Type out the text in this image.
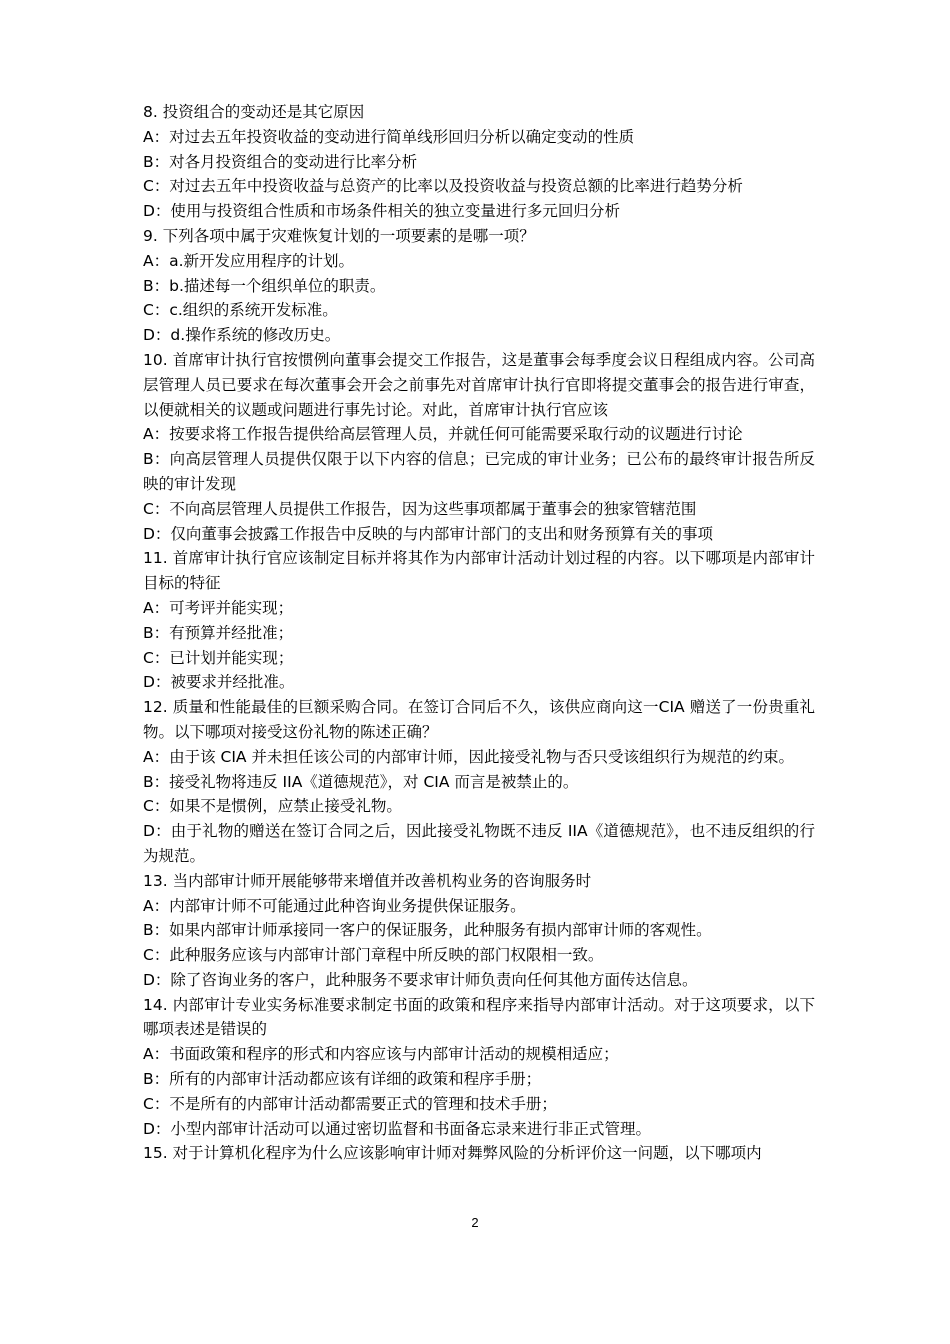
8. 投资组合的变动还是其它原因

A：对过去五年投资收益的变动进行简单线形回归分析以确定变动的性质

B：对各月投资组合的变动进行比率分析

C：对过去五年中投资收益与总资产的比率以及投资收益与投资总额的比率进行趋势分析

D：使用与投资组合性质和市场条件相关的独立变量进行多元回归分析

9. 下列各项中属于灾难恢复计划的一项要素的是哪一项？

A：a.新开发应用程序的计划。

B：b.描述每一个组织单位的职责。

C：c.组织的系统开发标准。

D：d.操作系统的修改历史。

10. 首席审计执行官按惯例向董事会提交工作报告，这是董事会每季度会议日程组成内容。公司高层管理人员已要求在每次董事会开会之前事先对首席审计执行官即将提交董事会的报告进行审查，以便就相关的议题或问题进行事先讨论。对此，首席审计执行官应该

A：按要求将工作报告提供给高层管理人员，并就任何可能需要采取行动的议题进行讨论

B：向高层管理人员提供仅限于以下内容的信息；已完成的审计业务；已公布的最终审计报告所反映的审计发现

C：不向高层管理人员提供工作报告，因为这些事项都属于董事会的独家管辖范围

D：仅向董事会披露工作报告中反映的与内部审计部门的支出和财务预算有关的事项

11. 首席审计执行官应该制定目标并将其作为内部审计活动计划过程的内容。以下哪项是内部审计目标的特征

A：可考评并能实现；

B：有预算并经批准；

C：已计划并能实现；

D：被要求并经批准。

12. 质量和性能最佳的巨额采购合同。在签订合同后不久，该供应商向这一CIA 赠送了一份贵重礼物。以下哪项对接受这份礼物的陈述正确？

A：由于该 CIA 并未担任该公司的内部审计师，因此接受礼物与否只受该组织行为规范的约束。

B：接受礼物将违反 IIA《道德规范》，对 CIA 而言是被禁止的。

C：如果不是惯例，应禁止接受礼物。

D：由于礼物的赠送在签订合同之后，因此接受礼物既不违反 IIA《道德规范》，也不违反组织的行为规范。

13. 当内部审计师开展能够带来增值并改善机构业务的咨询服务时

A：内部审计师不可能通过此种咨询业务提供保证服务。

B：如果内部审计师承接同一客户的保证服务，此种服务有损内部审计师的客观性。

C：此种服务应该与内部审计部门章程中所反映的部门权限相一致。

D：除了咨询业务的客户，此种服务不要求审计师负责向任何其他方面传达信息。

14. 内部审计专业实务标准要求制定书面的政策和程序来指导内部审计活动。对于这项要求，以下哪项表述是错误的

A：书面政策和程序的形式和内容应该与内部审计活动的规模相适应；

B：所有的内部审计活动都应该有详细的政策和程序手册；

C：不是所有的内部审计活动都需要正式的管理和技术手册；

D：小型内部审计活动可以通过密切监督和书面备忘录来进行非正式管理。

15. 对于计算机化程序为什么应该影响审计师对舞弊风险的分析评价这一问题，以下哪项内

2
